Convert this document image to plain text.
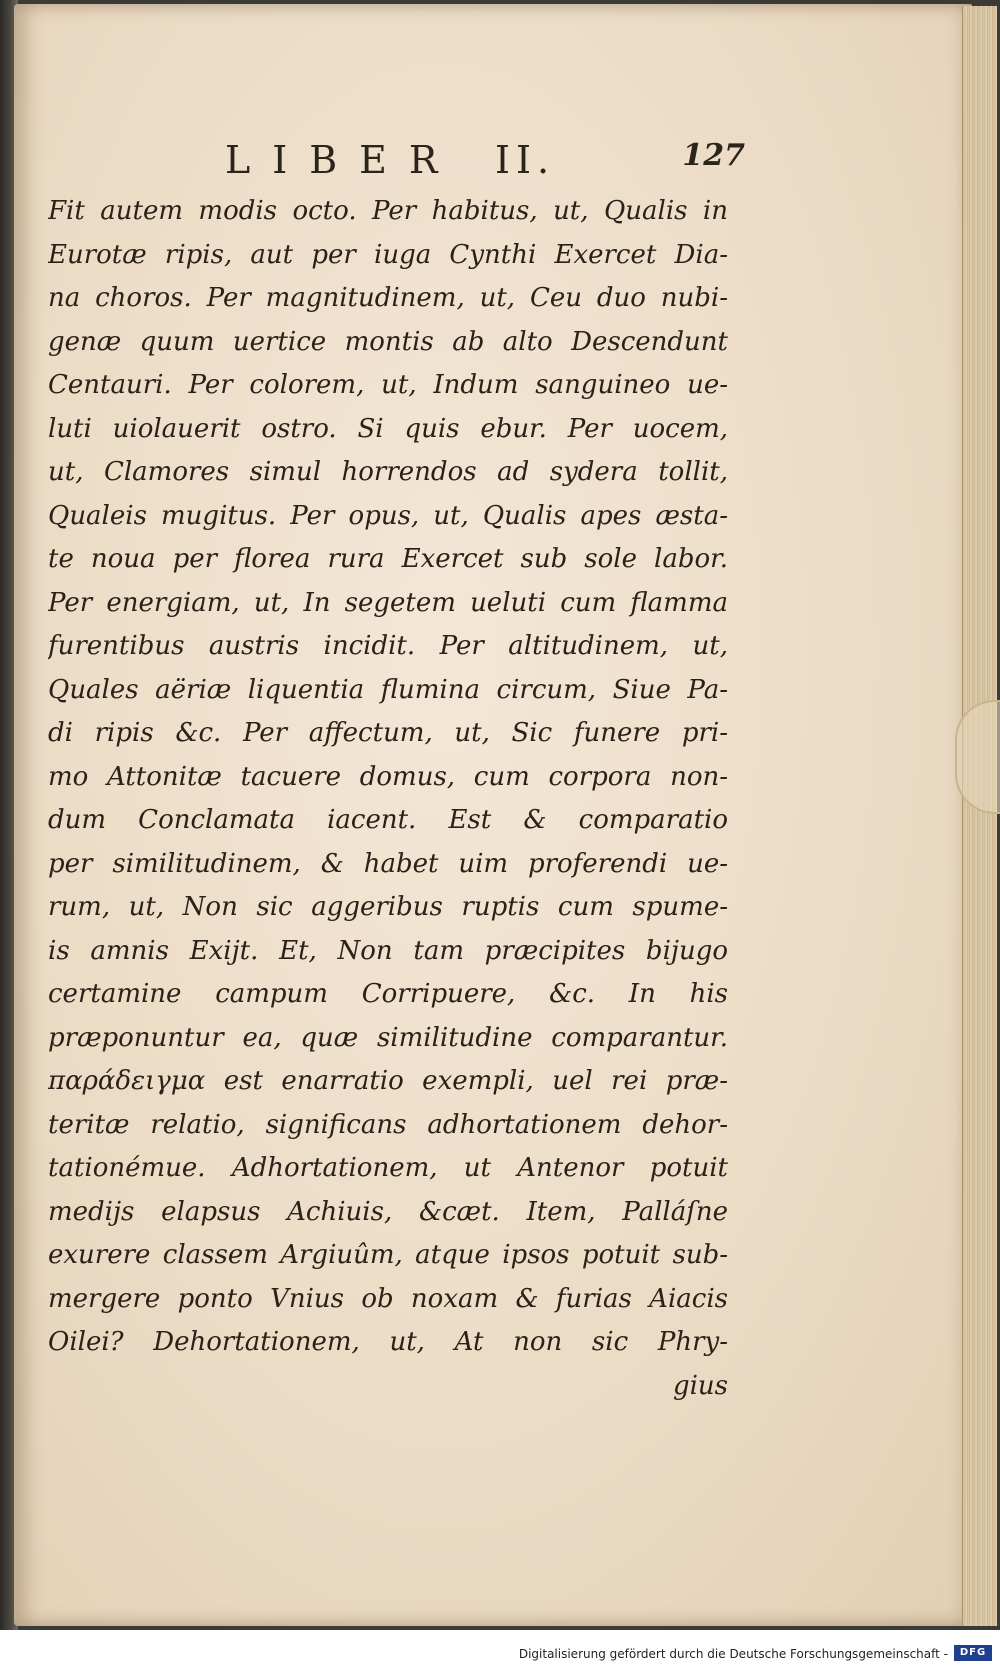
LIBER II.	127
Fit autem modis octo. Per habitus, ut, Qualis in
Eurotæ ripis, aut per iuga Cynthi Exercet Dia-
na choros. Per magnitudinem, ut, Ceu duo nubi-
genæ quum uertice montis ab alto Descendunt
Centauri. Per colorem, ut, Indum sanguineo ue-
luti uiolauerit ostro. Si quis ebur. Per uocem,
ut, Clamores simul horrendos ad sydera tollit,
Qualeis mugitus. Per opus, ut, Qualis apes æsta-
te noua per florea rura Exercet sub sole labor.
Per energiam, ut, In segetem ueluti cum flamma
furentibus austris incidit. Per altitudinem, ut,
Quales aëriæ liquentia flumina circum, Siue Pa-
di ripis &c. Per affectum, ut, Sic funere pri-
mo Attonitæ tacuere domus, cum corpora non-
dum Conclamata iacent. Est & comparatio
per similitudinem, & habet uim proferendi ue-
rum, ut, Non sic aggeribus ruptis cum spume-
is amnis Exijt. Et, Non tam præcipites bijugo
certamine campum Corripuere, &c. In his
præponuntur ea, quæ similitudine comparantur.
παράδειγμα est enarratio exempli, uel rei præ-
teritæ relatio, significans adhortationem dehor-
tationémue. Adhortationem, ut Antenor potuit
medijs elapsus Achiuis, &cæt. Item, Palláſne
exurere classem Argiuûm, atque ipsos potuit sub-
mergere ponto Vnius ob noxam & furias Aiacis
Oilei? Dehortationem, ut, At non sic Phry-
gius
Digitalisierung gefördert durch die Deutsche Forschungsgemeinschaft -	DFG
